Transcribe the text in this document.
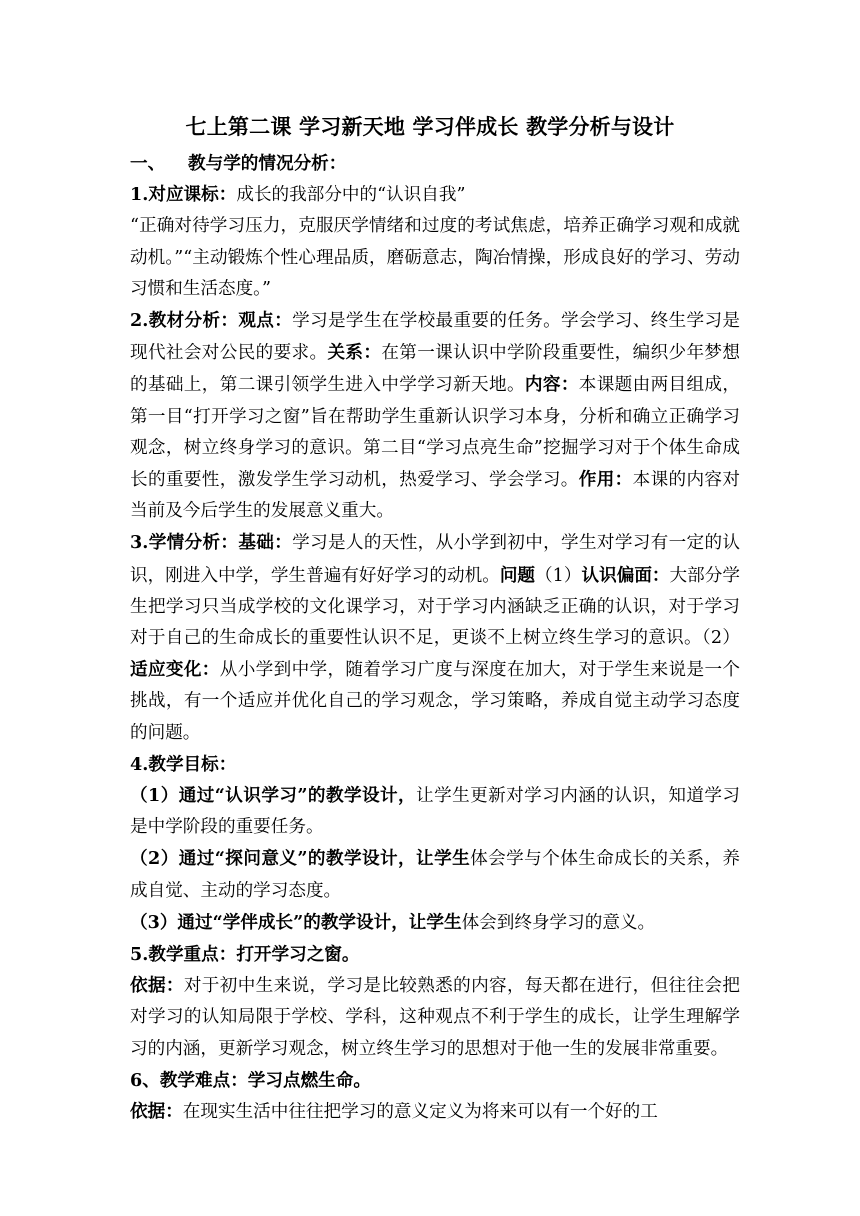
七上第二课 学习新天地 学习伴成长 教学分析与设计

一、 教与学的情况分析：

1.对应课标：成长的我部分中的“认识自我”

“正确对待学习压力，克服厌学情绪和过度的考试焦虑，培养正确学习观和成就动机。”“主动锻炼个性心理品质，磨砺意志，陶冶情操，形成良好的学习、劳动习惯和生活态度。”

2.教材分析：观点：学习是学生在学校最重要的任务。学会学习、终生学习是现代社会对公民的要求。关系：在第一课认识中学阶段重要性，编织少年梦想的基础上，第二课引领学生进入中学学习新天地。内容：本课题由两目组成，第一目“打开学习之窗”旨在帮助学生重新认识学习本身，分析和确立正确学习观念，树立终身学习的意识。第二目“学习点亮生命”挖掘学习对于个体生命成长的重要性，激发学生学习动机，热爱学习、学会学习。作用：本课的内容对当前及今后学生的发展意义重大。

3.学情分析：基础：学习是人的天性，从小学到初中，学生对学习有一定的认识，刚进入中学，学生普遍有好好学习的动机。问题（1）认识偏面：大部分学生把学习只当成学校的文化课学习，对于学习内涵缺乏正确的认识，对于学习对于自己的生命成长的重要性认识不足，更谈不上树立终生学习的意识。（2）适应变化：从小学到中学，随着学习广度与深度在加大，对于学生来说是一个挑战，有一个适应并优化自己的学习观念，学习策略，养成自觉主动学习态度的问题。

4.教学目标：

（1）通过“认识学习”的教学设计，让学生更新对学习内涵的认识，知道学习是中学阶段的重要任务。

（2）通过“探问意义”的教学设计，让学生体会学与个体生命成长的关系，养成自觉、主动的学习态度。

（3）通过“学伴成长”的教学设计，让学生体会到终身学习的意义。

5.教学重点：打开学习之窗。

依据：对于初中生来说，学习是比较熟悉的内容，每天都在进行，但往往会把对学习的认知局限于学校、学科，这种观点不利于学生的成长，让学生理解学习的内涵，更新学习观念，树立终生学习的思想对于他一生的发展非常重要。

6、教学难点：学习点燃生命。

依据：在现实生活中往往把学习的意义定义为将来可以有一个好的工
